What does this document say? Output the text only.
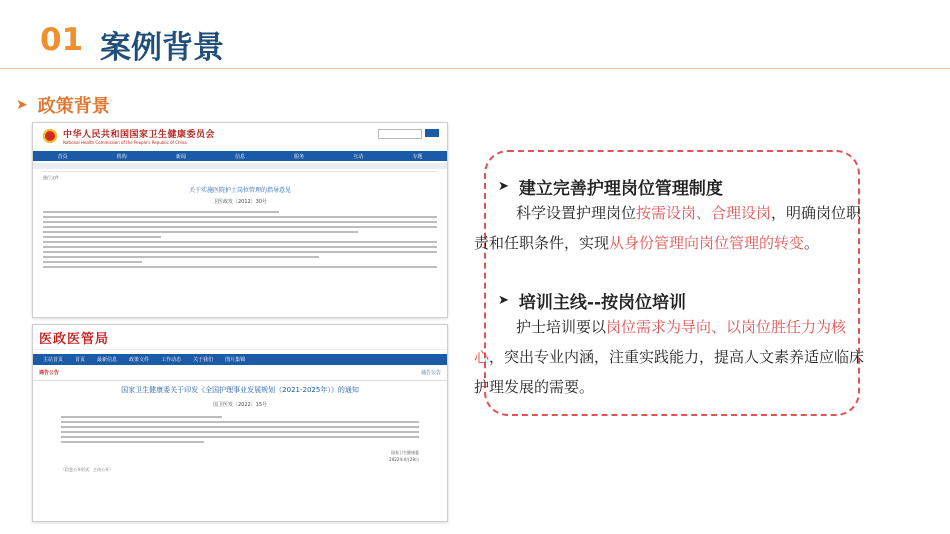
01 案例背景
➤ 政策背景
中华人民共和国国家卫生健康委员会
National Health Commission of the People's Republic of China
首页	机构	新闻	信息	服务	互动	专题
通行文件
关于实施医院护士岗位管理的指导意见
卫医政发〔2012〕30号
医政医管局
主站首页 首页 最新信息 政策文件 工作动态 关于我们 图片集锦
通告公告	通告公告
国家卫生健康委关于印发《全国护理事业发展规划（2021-2025年）》的通知
国卫医发〔2022〕15号
国家卫生健康委
2022年4月29日
（信息公开形式：主动公开）
➤ 建立完善护理岗位管理制度
科学设置护理岗位按需设岗、合理设岗，明确岗位职责和任职条件，实现从身份管理向岗位管理的转变。
➤ 培训主线--按岗位培训
护士培训要以岗位需求为导向、以岗位胜任力为核心，突出专业内涵，注重实践能力，提高人文素养适应临床护理发展的需要。
